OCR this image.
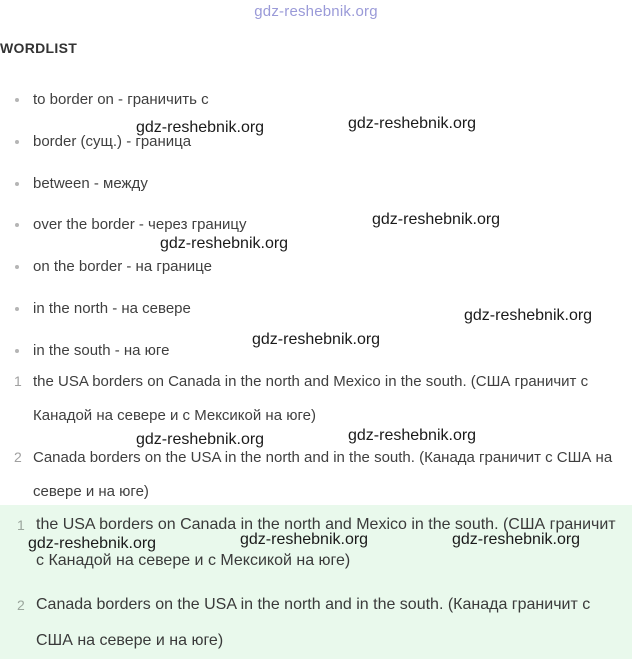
gdz-reshebnik.org
WORDLIST
to border on - граничить с
border (сущ.) - граница
between - между
over the border - через границу
on the border - на границе
in the north - на севере
in the south - на юге
1 the USA borders on Canada in the north and Mexico in the south. (США граничит с Канадой на севере и с Мексикой на юге)
2 Canada borders on the USA in the north and in the south. (Канада граничит с США на севере и на юге)
1 the USA borders on Canada in the north and Mexico in the south. (США граничит с Канадой на севере и с Мексикой на юге)
2 Canada borders on the USA in the north and in the south. (Канада граничит с США на севере и на юге)
gdz-reshebnik.org	gdz-reshebnik.org
gdz-reshebnik.org
gdz-reshebnik.org
gdz-reshebnik.org
gdz-reshebnik.org
gdz-reshebnik.org	gdz-reshebnik.org
gdz-reshebnik.org	gdz-reshebnik.org	gdz-reshebnik.org
